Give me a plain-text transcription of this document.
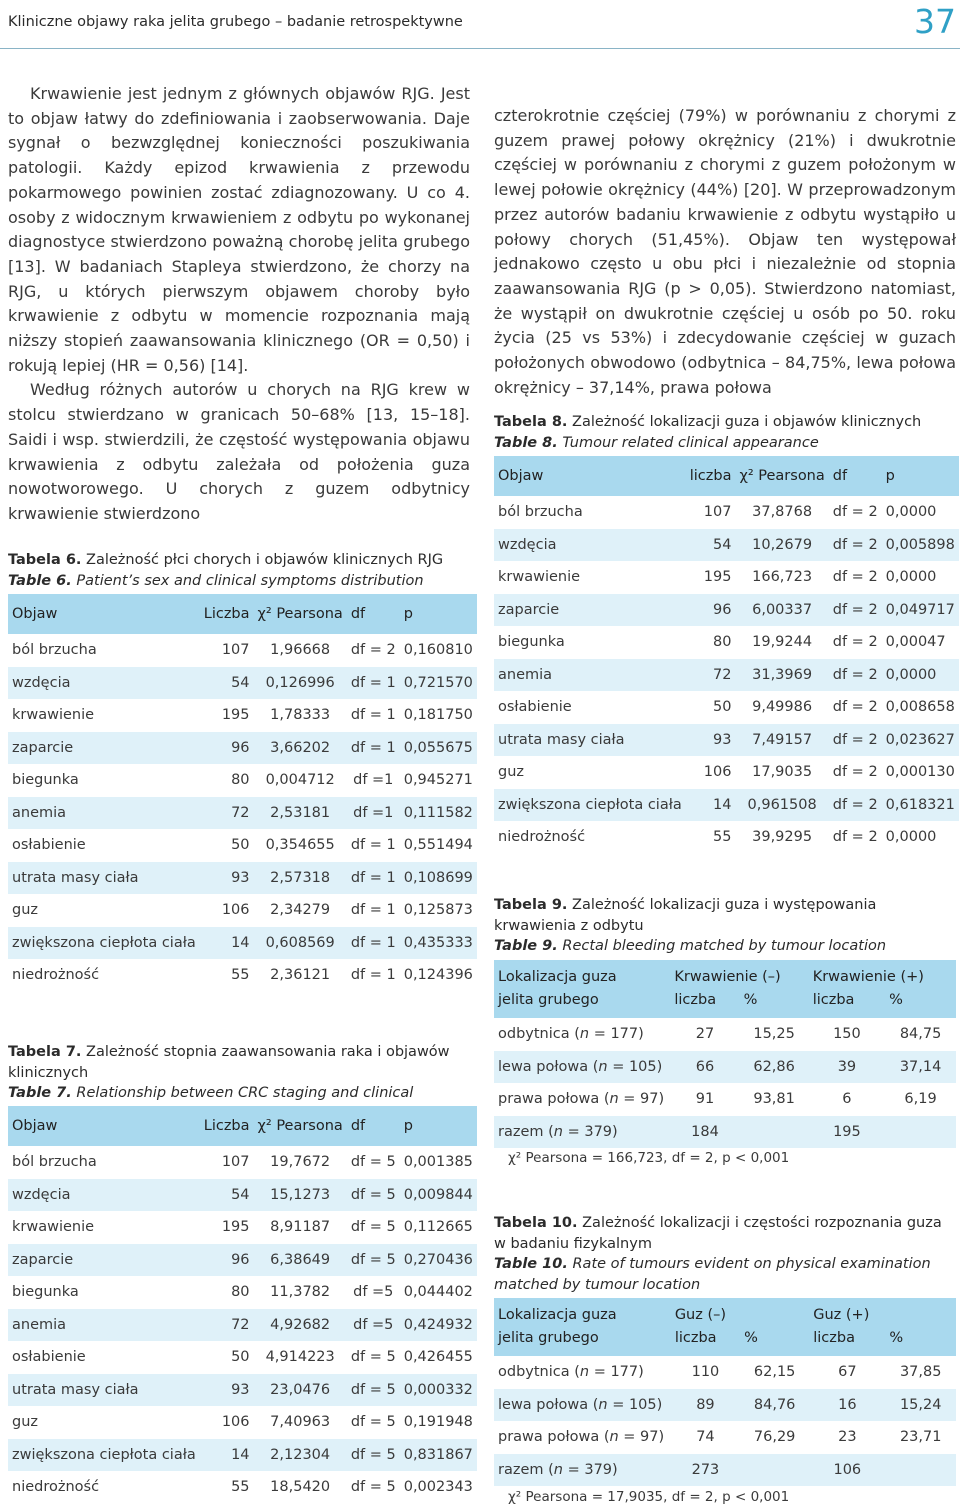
Kliniczne objawy raka jelita grubego – badanie retrospektywne	37

Krwawienie jest jednym z głównych objawów RJG. Jest to objaw łatwy do zdefiniowania i zaobserwowania. Daje sygnał o bezwzględnej konieczności poszukiwania patologii. Każdy epizod krwawienia z przewodu pokarmowego powinien zostać zdiagnozowany. U co 4. osoby z widocznym krwawieniem z odbytu po wykonanej diagnostyce stwierdzono poważną chorobę jelita grubego [13]. W badaniach Stapleya stwierdzono, że chorzy na RJG, u których pierwszym objawem choroby było krwawienie z odbytu w momencie rozpoznania mają niższy stopień zaawansowania klinicznego (OR = 0,50) i rokują lepiej (HR = 0,56) [14].

Według różnych autorów u chorych na RJG krew w stolcu stwierdzano w granicach 50–68% [13, 15–18]. Saidi i wsp. stwierdzili, że częstość występowania objawu krwawienia z odbytu zależała od położenia guza nowotworowego. U chorych z guzem odbytnicy krwawienie stwierdzono

czterokrotnie częściej (79%) w porównaniu z chorymi z guzem prawej połowy okrężnicy (21%) i dwukrotnie częściej w porównaniu z chorymi z guzem położonym w lewej połowie okrężnicy (44%) [20]. W przeprowadzonym przez autorów badaniu krwawienie z odbytu wystąpiło u połowy chorych (51,45%). Objaw ten występował jednakowo często u obu płci i niezależnie od stopnia zaawansowania RJG (p > 0,05). Stwierdzono natomiast, że wystąpił on dwukrotnie częściej u osób po 50. roku życia (25 vs 53%) i zdecydowanie częściej w guzach położonych obwodowo (odbytnica – 84,75%, lewa połowa okrężnicy – 37,14%, prawa połowa

Tabela 6. Zależność płci chorych i objawów klinicznych RJG
Table 6. Patient’s sex and clinical symptoms distribution
Objaw	Liczba	χ² Pearsona	df	p
ból brzucha	107	1,96668	df = 2	0,160810
wzdęcia	54	0,126996	df = 1	0,721570
krwawienie	195	1,78333	df = 1	0,181750
zaparcie	96	3,66202	df = 1	0,055675
biegunka	80	0,004712	df =1	0,945271
anemia	72	2,53181	df =1	0,111582
osłabienie	50	0,354655	df = 1	0,551494
utrata masy ciała	93	2,57318	df = 1	0,108699
guz	106	2,34279	df = 1	0,125873
zwiększona ciepłota ciała	14	0,608569	df = 1	0,435333
niedrożność	55	2,36121	df = 1	0,124396
Tabela 7. Zależność stopnia zaawansowania raka i objawów klinicznych
Table 7. Relationship between CRC staging and clinical
Objaw	Liczba	χ² Pearsona	df	p
ból brzucha	107	19,7672	df = 5	0,001385
wzdęcia	54	15,1273	df = 5	0,009844
krwawienie	195	8,91187	df = 5	0,112665
zaparcie	96	6,38649	df = 5	0,270436
biegunka	80	11,3782	df =5	0,044402
anemia	72	4,92682	df =5	0,424932
osłabienie	50	4,914223	df = 5	0,426455
utrata masy ciała	93	23,0476	df = 5	0,000332
guz	106	7,40963	df = 5	0,191948
zwiększona ciepłota ciała	14	2,12304	df = 5	0,831867
niedrożność	55	18,5420	df = 5	0,002343
Tabela 8. Zależność lokalizacji guza i objawów klinicznych
Table 8. Tumour related clinical appearance
Objaw	liczba	χ² Pearsona	df	p
ból brzucha	107	37,8768	df = 2	0,0000
wzdęcia	54	10,2679	df = 2	0,005898
krwawienie	195	166,723	df = 2	0,0000
zaparcie	96	6,00337	df = 2	0,049717
biegunka	80	19,9244	df = 2	0,00047
anemia	72	31,3969	df = 2	0,0000
osłabienie	50	9,49986	df = 2	0,008658
utrata masy ciała	93	7,49157	df = 2	0,023627
guz	106	17,9035	df = 2	0,000130
zwiększona ciepłota ciała	14	0,961508	df = 2	0,618321
niedrożność	55	39,9295	df = 2	0,0000
Tabela 9. Zależność lokalizacji guza i występowania krwawienia z odbytu
Table 9. Rectal bleeding matched by tumour location
Lokalizacja guza	Krwawienie (–)		Krwawienie (+)	
jelita grubego	liczba	%	liczba	%
odbytnica (n = 177)	27	15,25	150	84,75
lewa połowa (n = 105)	66	62,86	39	37,14
prawa połowa (n = 97)	91	93,81	6	6,19
razem (n = 379)	184		195	
χ² Pearsona = 166,723, df = 2, p < 0,001
Tabela 10. Zależność lokalizacji i częstości rozpoznania guza w badaniu fizykalnym
Table 10. Rate of tumours evident on physical examination matched by tumour location
Lokalizacja guza	Guz (–)		Guz (+)	
jelita grubego	liczba	%	liczba	%
odbytnica (n = 177)	110	62,15	67	37,85
lewa połowa (n = 105)	89	84,76	16	15,24
prawa połowa (n = 97)	74	76,29	23	23,71
razem (n = 379)	273		106	
χ² Pearsona = 17,9035, df = 2, p < 0,001
